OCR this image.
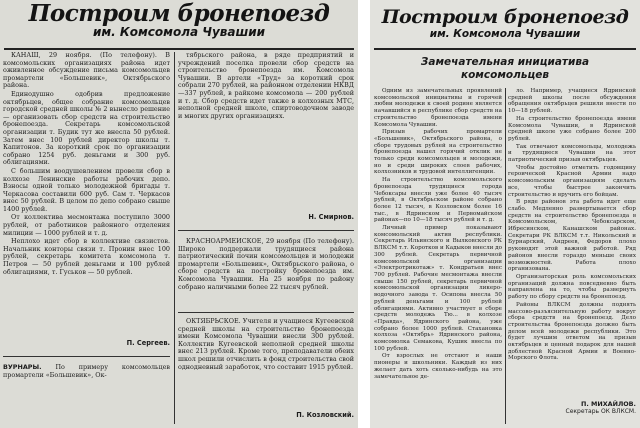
Построим бронепоезд
им. Комсомола Чувашии

КАНАШ, 29 ноября. (По телефону). В комсомольских организациях района идет оживленное обсуждение письма комсомольцев промартели «Большевик», Октябрьского района.

Единодушно одобрив предложение октябрьцев, общее собрание комсомольцев городской средней школы № 2 вынесло решение — организовать сбор средств на строительство бронепоезда. Секретарь комсомольской организации т. Будик тут же внесла 50 рублей. Затем внес 100 рублей директор школы т. Капитонов. За короткий срок по организации собрано 1254 руб. деньгами и 300 руб. облигациями.

С большим воодушевлением провели сбор в колхозе Ленинские работы рабочих депо. Взносы одной только молодежной бригады т. Черкасова составили 600 руб. Сам т. Черкасов внес 50 рублей. В целом по депо собрано свыше 1400 рублей.

От коллектива месмонтажа поступило 3000 рублей, от работников районного отделения милиции — 1000 рублей и т. д.

Неплохо идет сбор в коллективе связистов. Начальник конторы связи т. Пронин внес 100 рублей, секретарь комитета комсомола т. Петров — 50 рублей деньгами и 100 рублей облигациями, т. Гуськов — 50 рублей.

П. Сергеев.

ВУРНАРЫ. По примеру комсомольцев промартели «Большевик», Ок-

тябрьского района, в ряде предприятий и учреждений поселка провели сбор средств на строительство бронепоезда им. Комсомола Чувашии. В артели «Труд» за короткий срок собрали 270 рублей, на районном отделении НКВД—337 рублей, в райкоме комсомола — 200 рублей и т. д. Сбор средств идет также в колхозных МТС, неполной средней школе, спиртоводочном заводе и многих других организациях.

Н. Смирнов.

КРАСНОАРМЕЙСКОЕ, 29 ноября (По телефону). Широко поддержали трудящиеся района патриотический почин комсомольцев и молодежи промартели «Большевик», Октябрьского района, о сборе средств на постройку бронепоезда им. Комсомола Чувашии. На 25 ноября по району собрано наличными более 22 тысяч рублей.

ОКТЯБРЬСКОЕ. Учителя и учащиеся Кугеевской средней школы на строительство бронепоезда имени Комсомола Чувашии внесли 300 рублей. Коллектив Кугеевской неполной средней школы внес 213 рублей. Кроме того, преподаватели обеих школ решили отчислить в фонд строительства свой однодневный заработок, что составит 1915 рублей.

П. Козловский.
Построим бронепоезд
им. Комсомола Чувашии
Замечательная инициатива комсомольцев

Одним из замечательных проявлений комсомольской инициативы и горячей любви молодежи к своей родине является начавшийся в республике сбор средств на строительство бронепоезда имени Комсомола Чувашии.

Призыв рабочих промартели «Большевик», Октябрьского района, о сборе трудовых рублей на строительство бронепоезда нашел горячий отклик не только среди комсомольцев и молодежи, но и среди широких слоев рабочих, колхозников и трудовой интеллигенции.

На строительство комсомольского бронепоезда трудящиеся города Чебоксары внесли уже более 40 тысяч рублей, в Октябрьском районе собрано более 12 тысяч, в Козловском более 16 тыс., в Ядринском и Первомайском районах—по 10—18 тысяч рублей и т. д.

Личный пример показывают комсомольский актив республики. Секретарь Ильинского и Вылковского РК ВЛКСМ т.т. Коротков и Кадыков внесли до 300 рублей. Секретарь первичной комсомольской организации «Электротрикотаж» т. Кондратьев внес 700 рублей. Рабочие месмонтажа внесли свыше 150 рублей, секретарь первичной комсомольской организации ликеро-водочного завода т. Осипова внесла 50 рублей деньгами и 100 рублей облигациями. Активно участвует в сборе средств молодежь Тю... в колхозе «Правда», Ядринского района, уже собрано более 1000 рублей. Стахановка колхоза «Октябрь» Ядринского района, комсомолка Семакова, Кушик внесла по 100 рублей.

От взрослых не отстают и наши пионеры и школьники. Каждый из них желает дать хоть сколько-нибудь на это замечательное де-

ло. Например, учащиеся Ядринской средней школы после обсуждения обращения октябрьцев решили внести по 10—18 рублей.

На строительство бронепоезда имени Комсомола Чувашии, в Ядринской средней школе уже собрано более 200 рублей.

Так отвечают комсомольцы, молодежь и трудящиеся Чувашии на этот патриотический призыв октябрьцев.

Чтобы достойно отметить годовщину героической Красной Армии надо комсомольским организациям сделать все, чтобы быстрее закончить строительство и вручить его бойцам.

В ряде районов эта работа идет еще слабо. Медленно развертывается сбор средств на строительство бронепоезда в Комсомольском, Чебоксарском, Ибресинском, Канашском районах. Секретари РК ВЛКСМ т.т. Никольский и Бурнарский, Андреев, Федоров плохо руководят этой важной работой. Ряд районов внесли гораздо меньше своих возможностей. Работа плохо организована.

Организаторская роль комсомольских организаций должна повседневно быть направлена на то, чтобы развернуть работу по сбору средств на бронепоезд.

Районы ВЛКСМ должны поднять массово-разъяснительную работу вокруг сбора средств на бронепоезд. Дело строительства бронепоезда должно быть делом всей молодежи республики. Это будет лучшим ответом на призыв октябрьцев и ценный подарок для нашей доблестной Красной Армии и Военно-Морского Флота.

П. МИХАЙЛОВ.
Секретарь ОК ВЛКСМ.
